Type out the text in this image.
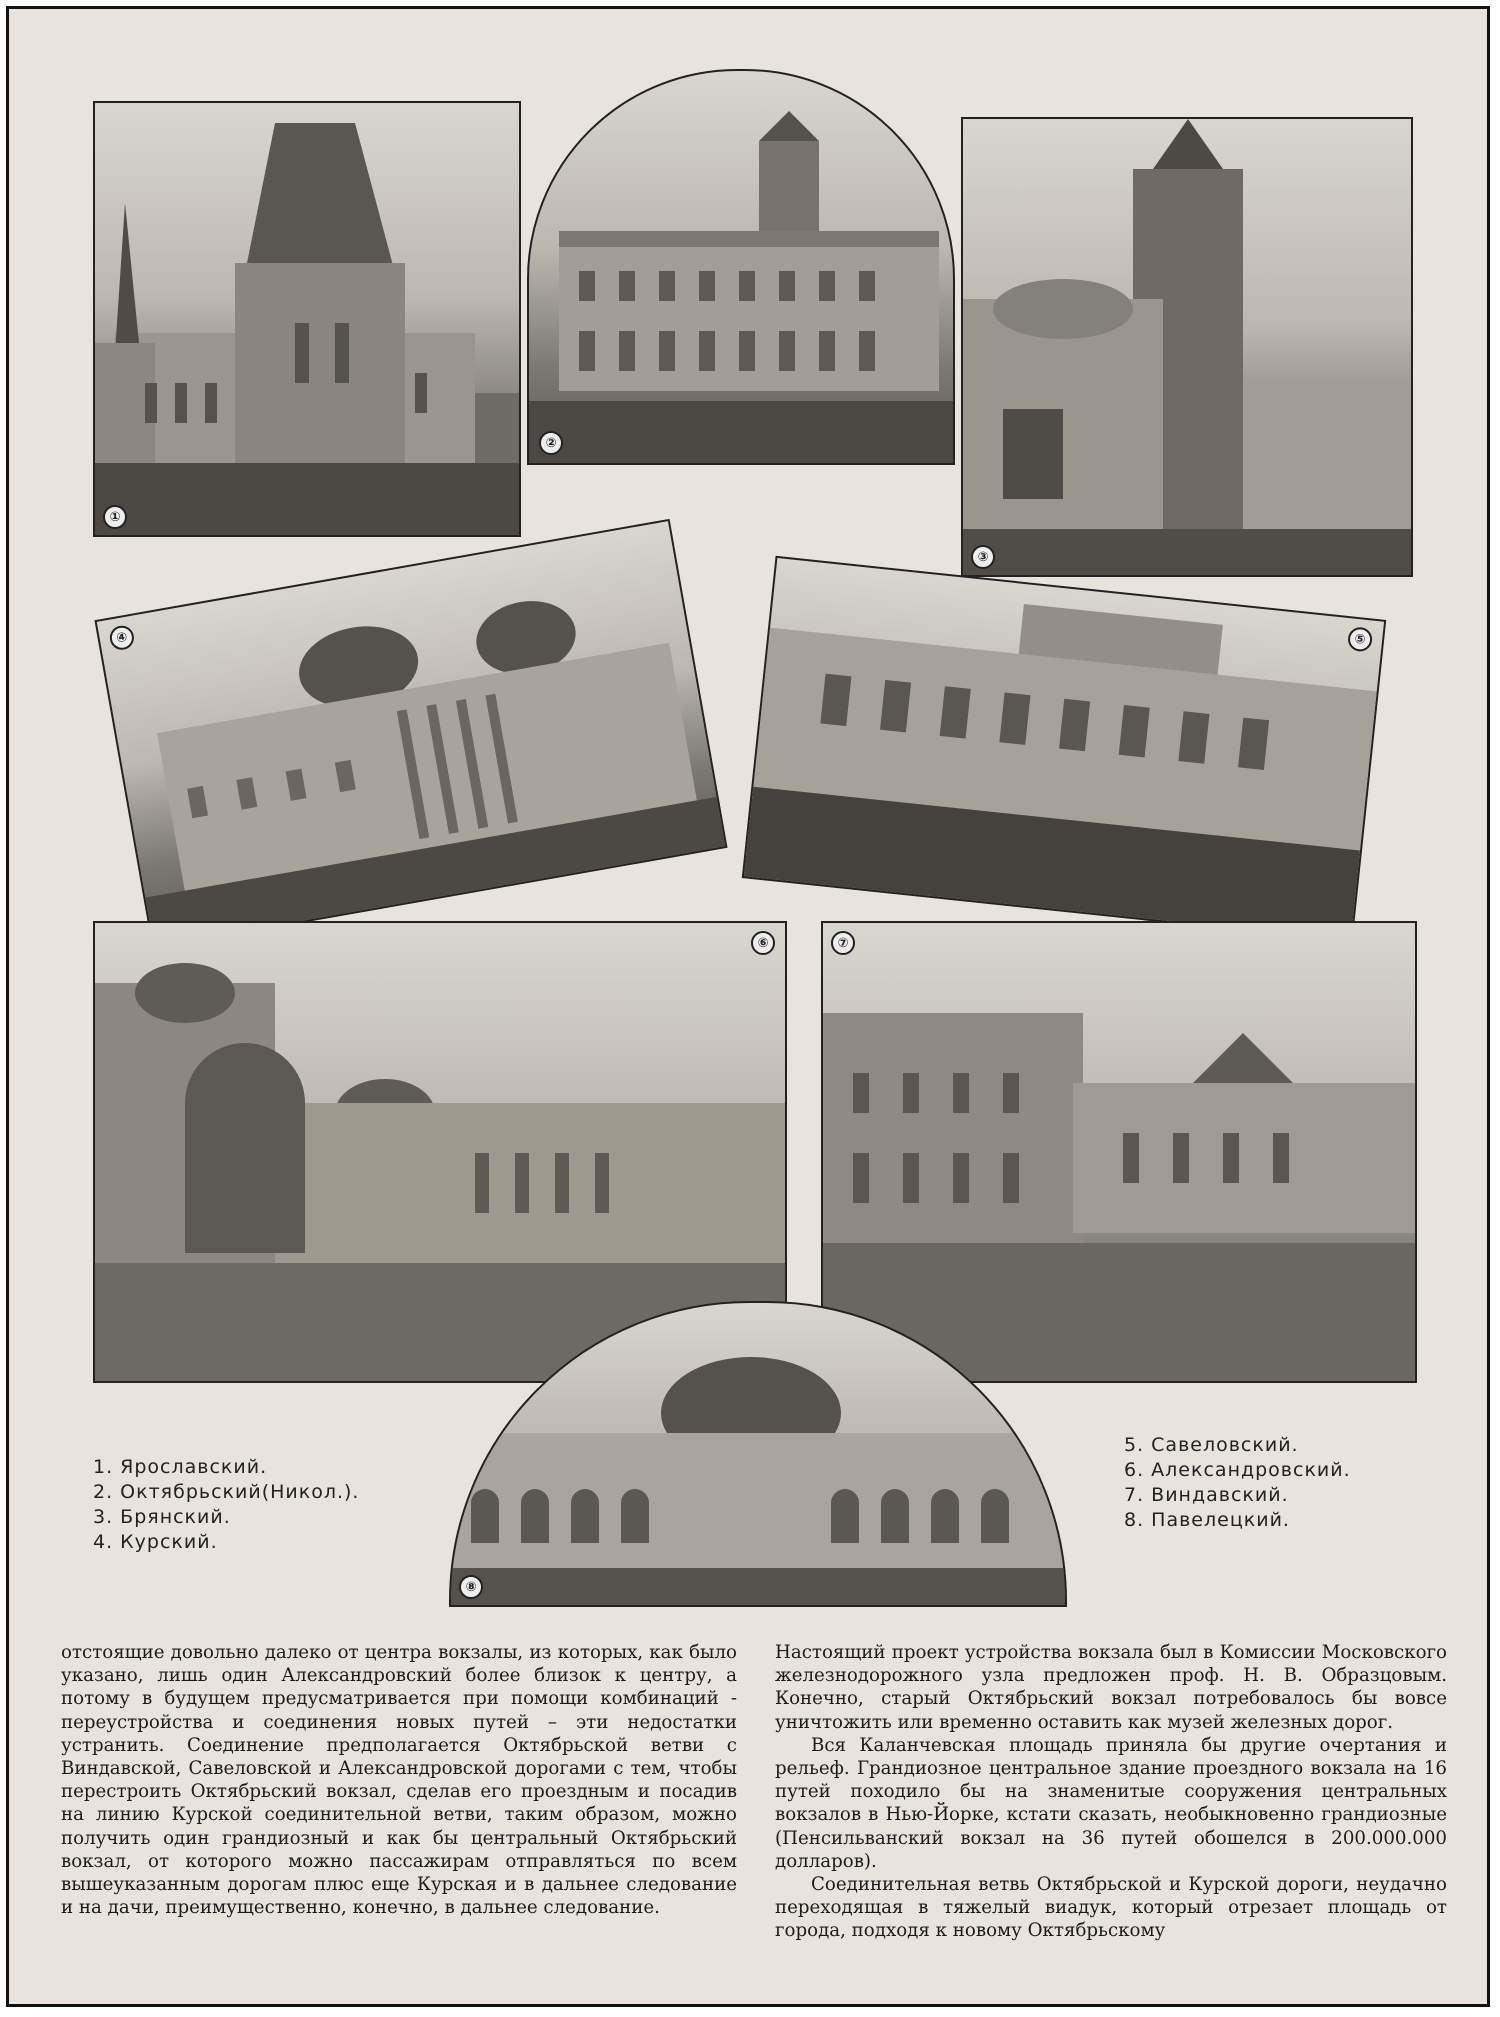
①
②
③
④	⑤
⑥	⑦
⑧
1. Ярославский.
2. Октябрьский(Никол.).
3. Брянский.
4. Курский.
5. Савеловский.
6. Александровский.
7. Виндавский.
8. Павелецкий.

отстоящие довольно далеко от центра вокзалы, из которых, как было указано, лишь один Александровский более близок к центру, а потому в будущем предусматривается при помощи комбинаций - переустройства и соединения новых путей – эти недостатки устранить. Соединение предполагается Октябрьской ветви с Виндавской, Савеловской и Александровской дорогами с тем, чтобы перестроить Октябрьский вокзал, сделав его проездным и посадив на линию Курской соединительной ветви, таким образом, можно получить один грандиозный и как бы центральный Октябрьский вокзал, от которого можно пассажирам отправляться по всем вышеуказанным дорогам плюс еще Курская и в дальнее следование и на дачи, преимущественно, конечно, в дальнее следование.

Настоящий проект устройства вокзала был в Комиссии Московского железнодорожного узла предложен проф. Н. В. Образцовым. Конечно, старый Октябрьский вокзал потребовалось бы вовсе уничтожить или временно оставить как музей железных дорог.

Вся Каланчевская площадь приняла бы другие очертания и рельеф. Грандиозное центральное здание проездного вокзала на 16 путей походило бы на знаменитые сооружения центральных вокзалов в Нью-Йорке, кстати сказать, необыкновенно грандиозные (Пенсильванский вокзал на 36 путей обошелся в 200.000.000 долларов).

Соединительная ветвь Октябрьской и Курской дороги, неудачно переходящая в тяжелый виадук, который отрезает площадь от города, подходя к новому Октябрьскому
